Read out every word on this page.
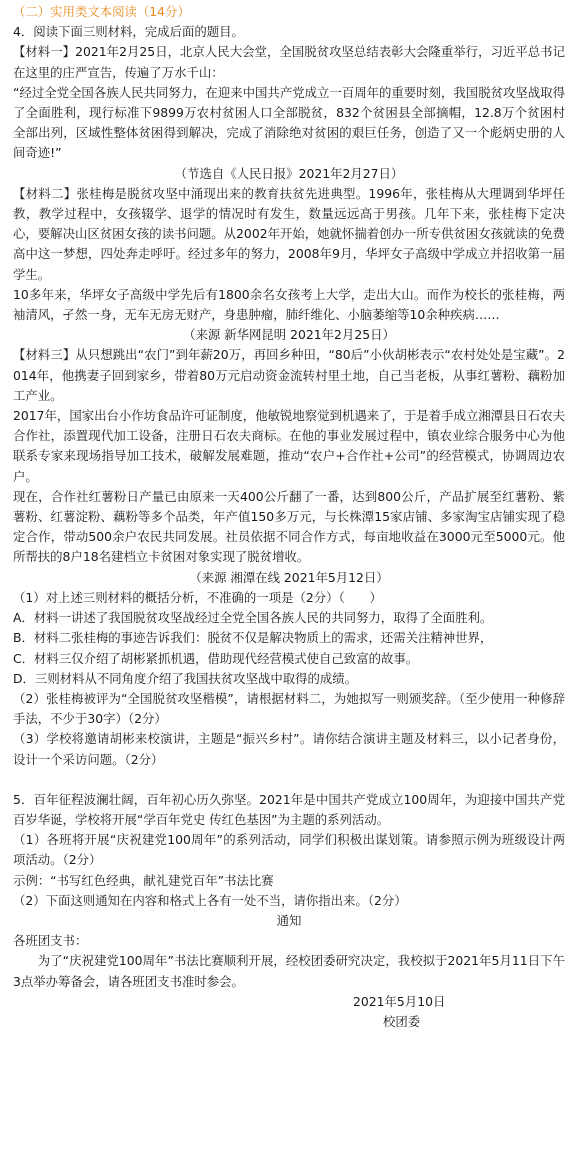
（二）实用类文本阅读（14分）

4．阅读下面三则材料，完成后面的题目。

【材料一】2021年2月25日，北京人民大会堂，全国脱贫攻坚总结表彰大会隆重举行，习近平总书记在这里的庄严宣告，传遍了万水千山：

“经过全党全国各族人民共同努力，在迎来中国共产党成立一百周年的重要时刻，我国脱贫攻坚战取得了全面胜利，现行标准下9899万农村贫困人口全部脱贫，832个贫困县全部摘帽，12.8万个贫困村全部出列，区域性整体贫困得到解决，完成了消除绝对贫困的艰巨任务，创造了又一个彪炳史册的人间奇迹!”

（节选自《人民日报》2021年2月27日）

【材料二】张桂梅是脱贫攻坚中涌现出来的教育扶贫先进典型。1996年，张桂梅从大理调到华坪任教，教学过程中，女孩辍学、退学的情况时有发生，数量远远高于男孩。几年下来，张桂梅下定决心，要解决山区贫困女孩的读书问题。从2002年开始，她就怀揣着创办一所专供贫困女孩就读的免费高中这一梦想，四处奔走呼吁。经过多年的努力，2008年9月，华坪女子高级中学成立并招收第一届学生。

10多年来，华坪女子高级中学先后有1800余名女孩考上大学，走出大山。而作为校长的张桂梅，两袖清风，孑然一身，无车无房无财产，身患肿瘤，肺纤维化、小脑萎缩等10余种疾病……

（来源 新华网昆明 2021年2月25日）

【材料三】从只想跳出“农门”到年薪20万，再回乡种田，“80后”小伙胡彬表示“农村处处是宝藏”。2014年，他携妻子回到家乡，带着80万元启动资金流转村里土地，自己当老板，从事红薯粉、藕粉加工产业。

2017年，国家出台小作坊食品许可证制度，他敏锐地察觉到机遇来了，于是着手成立湘潭县日石农夫合作社，添置现代加工设备，注册日石农夫商标。在他的事业发展过程中，镇农业综合服务中心为他联系专家来现场指导加工技术，破解发展难题，推动“农户+合作社+公司”的经营模式，协调周边农户。

现在，合作社红薯粉日产量已由原来一天400公斤翻了一番，达到800公斤，产品扩展至红薯粉、紫薯粉、红薯淀粉、藕粉等多个品类，年产值150多万元，与长株潭15家店铺、多家淘宝店铺实现了稳定合作，带动500余户农民共同发展。社员依据不同合作方式，每亩地收益在3000元至5000元。他所帮扶的8户18名建档立卡贫困对象实现了脱贫增收。

（来源 湘潭在线 2021年5月12日）

（1）对上述三则材料的概括分析，不准确的一项是（2分）（　　）

A．材料一讲述了我国脱贫攻坚战经过全党全国各族人民的共同努力，取得了全面胜利。

B．材料二张桂梅的事迹告诉我们：脱贫不仅是解决物质上的需求，还需关注精神世界，

C．材料三仅介绍了胡彬紧抓机遇，借助现代经营模式使自己致富的故事。

D．三则材料从不同角度介绍了我国扶贫攻坚战中取得的成绩。

（2）张桂梅被评为“全国脱贫攻坚楷模”，请根据材料二，为她拟写一则颁奖辞。（至少使用一种修辞手法，不少于30字）（2分）

（3）学校将邀请胡彬来校演讲，主题是“振兴乡村”。请你结合演讲主题及材料三，以小记者身份，设计一个采访问题。（2分）

5．百年征程波澜壮阔，百年初心历久弥坚。2021年是中国共产党成立100周年，为迎接中国共产党百岁华诞，学校将开展“学百年党史 传红色基因”为主题的系列活动。

（1）各班将开展“庆祝建党100周年”的系列活动，同学们积极出谋划策。请参照示例为班级设计两项活动。（2分）

示例：“书写红色经典，献礼建党百年”书法比赛

（2）下面这则通知在内容和格式上各有一处不当，请你指出来。（2分）

通知

各班团支书：

为了“庆祝建党100周年”书法比赛顺利开展，经校团委研究决定，我校拟于2021年5月11日下午3点举办筹备会，请各班团支书准时参会。

2021年5月10日

校团委
